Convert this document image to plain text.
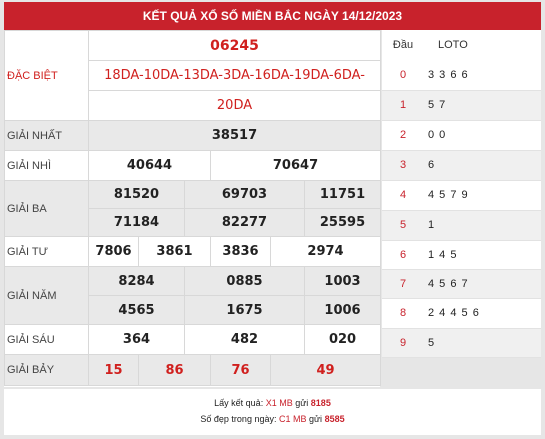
KẾT QUẢ XỔ SỐ MIỀN BẮC NGÀY 14/12/2023
ĐẶC BIỆT	06245					
	18DA-10DA-13DA-3DA-16DA-19DA-6DA-					
	20DA					
GIẢI NHẤT	38517					
GIẢI NHÌ	40644			70647		
GIẢI BA	81520		69703			11751
	71184		82277			25595
GIẢI TƯ	7806	3861		3836	2974	
GIẢI NĂM	8284		0885			1003
	4565		1675			1006
GIẢI SÁU	364		482			020
GIẢI BẢY	15	86		76	49	
Đầu	LOTO
0	3 3 6 6
1	5 7
2	0 0
3	6
4	4 5 7 9
5	1
6	1 4 5
7	4 5 6 7
8	2 4 4 5 6
9	5
Lấy kết quả: X1 MB gửi 8185
Số đẹp trong ngày: C1 MB gửi 8585
